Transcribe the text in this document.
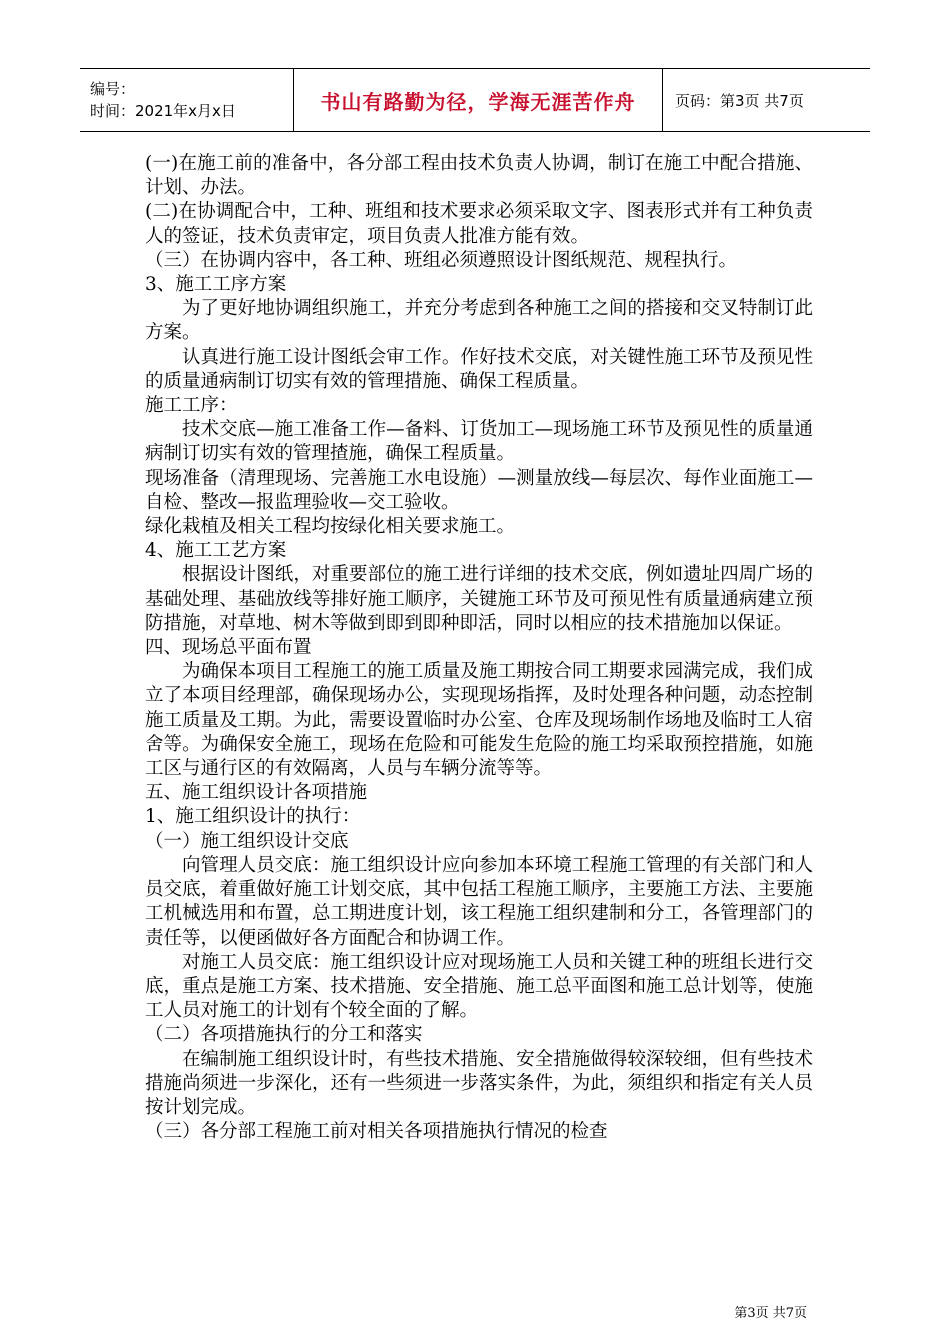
编号：
时间：2021年x月x日	书山有路勤为径，学海无涯苦作舟	页码：第3页 共7页

(一)在施工前的准备中，各分部工程由技术负责人协调，制订在施工中配合措施、计划、办法。

(二)在协调配合中，工种、班组和技术要求必须采取文字、图表形式并有工种负责人的签证，技术负责审定，项目负责人批准方能有效。

（三）在协调内容中，各工种、班组必须遵照设计图纸规范、规程执行。

3、施工工序方案

为了更好地协调组织施工，并充分考虑到各种施工之间的搭接和交叉特制订此方案。

认真进行施工设计图纸会审工作。作好技术交底，对关键性施工环节及预见性的质量通病制订切实有效的管理措施、确保工程质量。

施工工序：

技术交底—施工准备工作—备料、订货加工—现场施工环节及预见性的质量通病制订切实有效的管理揸施，确保工程质量。

现场准备（清理现场、完善施工水电设施）—测量放线—每层次、每作业面施工—自检、整改—报监理验收—交工验收。

绿化栽植及相关工程均按绿化相关要求施工。

4、施工工艺方案

根据设计图纸，对重要部位的施工进行详细的技术交底，例如遗址四周广场的基础处理、基础放线等排好施工顺序，关键施工环节及可预见性有质量通病建立预防措施，对草地、树木等做到即到即种即活，同时以相应的技术措施加以保证。

四、现场总平面布置

为确保本项目工程施工的施工质量及施工期按合同工期要求园满完成，我们成立了本项目经理部，确保现场办公，实现现场指挥，及时处理各种问题，动态控制施工质量及工期。为此，需要设置临时办公室、仓库及现场制作场地及临时工人宿舍等。为确保安全施工，现场在危险和可能发生危险的施工均采取预控措施，如施工区与通行区的有效隔离，人员与车辆分流等等。

五、施工组织设计各项措施

1、施工组织设计的执行：

（一）施工组织设计交底

向管理人员交底：施工组织设计应向参加本环境工程施工管理的有关部门和人员交底，着重做好施工计划交底，其中包括工程施工顺序，主要施工方法、主要施工机械选用和布置，总工期进度计划，该工程施工组织建制和分工，各管理部门的责任等，以便函做好各方面配合和协调工作。

对施工人员交底：施工组织设计应对现场施工人员和关键工种的班组长进行交底，重点是施工方案、技术措施、安全措施、施工总平面图和施工总计划等，使施工人员对施工的计划有个较全面的了解。

（二）各项措施执行的分工和落实

在编制施工组织设计时，有些技术措施、安全措施做得较深较细，但有些技术措施尚须进一步深化，还有一些须进一步落实条件，为此，须组织和指定有关人员按计划完成。

（三）各分部工程施工前对相关各项措施执行情况的检查

第3页 共7页
